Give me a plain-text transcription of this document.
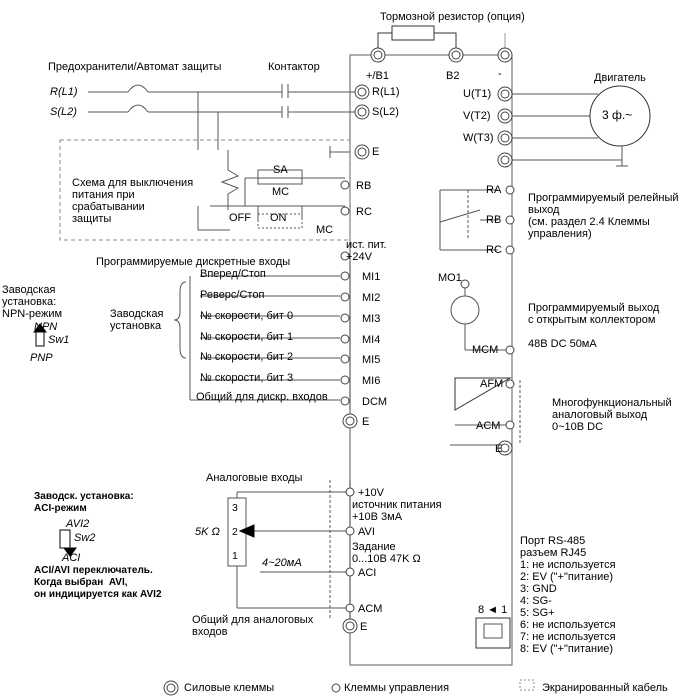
Тормозной резистор (опция)
Предохранители/Автомат защиты	Контактор
+/B1	B2	-
R(L1)
S(L2)
R(L1)
S(L2)
E
Схема для выключения
питания при
срабатывании
защиты
SA
MC
OFF ON
MC
RB
RC
Двигатель
3 ф.~
U(T1)
V(T2)
W(T3)
RA
RB
RC
Программируемый релейный
выход
(см. раздел 2.4 Клеммы
управления)
ист. пит.
+24V
Программируемые дискретные входы
Заводская
установка
Заводская
установка:
NPN-режим
NPN
Sw1
PNP
Вперед/Стоп
Реверс/Стоп
№ скорости, бит 0
№ скорости, бит 1
№ скорости, бит 2
№ скорости, бит 3
MI1
MI2
MI3
MI4
MI5
MI6
Общий для дискр. входов	DCM
E
MO1
Программируемый выход
с открытым коллектором
MCM	48B DC 50мА
AFM
ACM
Многофункциональный
аналоговый выход
0~10B DC
E
Аналоговые входы
+10V
источник питания
+10B 3мА
AVI
Задание
0...10B 47K Ω
ACI
ACM
Общий для аналоговых
входов	E
5K Ω
3
2
1
4~20мА
Заводск. установка:
ACI-режим
AVI2
Sw2
ACI
ACI/AVI переключатель.
Когда выбран  AVI,
он индицируется как AVI2
Порт RS-485
разъем RJ45
1: не используется
2: EV ("+"питание)
3: GND
4: SG-
5: SG+
6: не используется
7: не используется
8: EV ("+"питание)
8 ◄ 1
Силовые клеммы	Клеммы управления	Экранированный кабель
